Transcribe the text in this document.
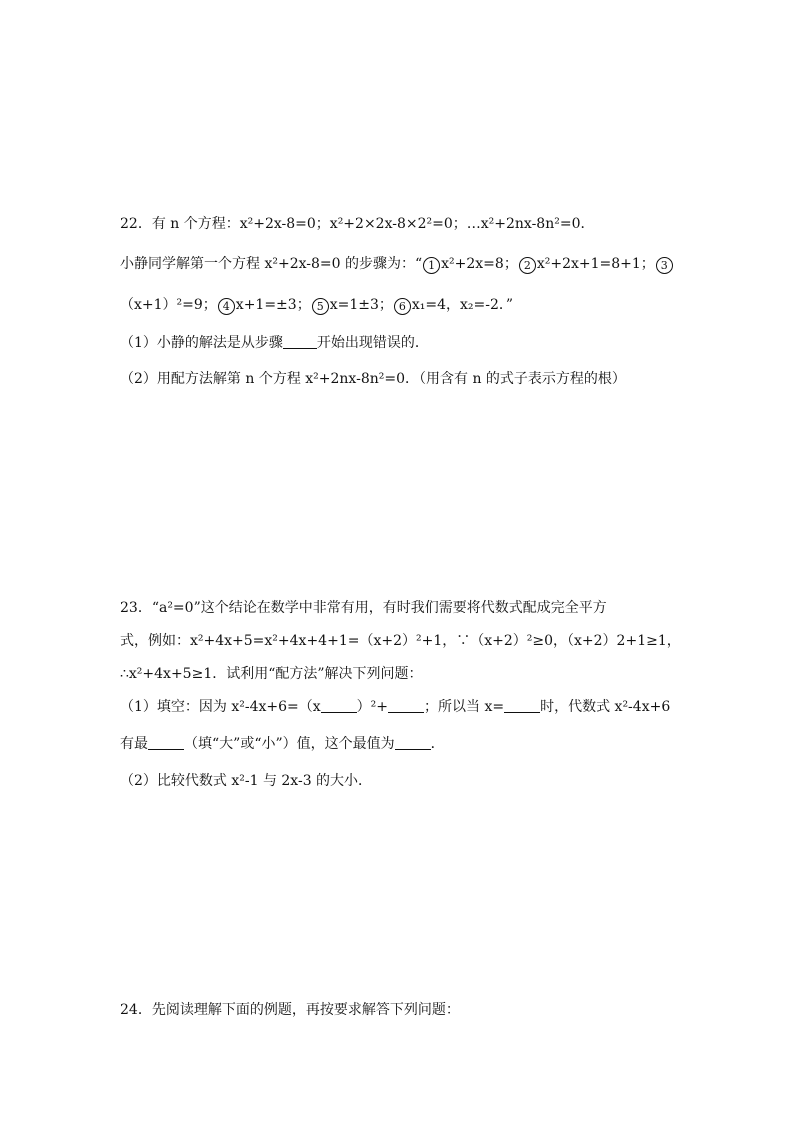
22．有 n 个方程：x²+2x-8=0；x²+2×2x-8×2²=0；…x²+2nx-8n²=0．
小静同学解第一个方程 x²+2x-8=0 的步骤为：“ 1 x²+2x=8； 2 x²+2x+1=8+1； 3
（x+1）²=9； 4 x+1=±3； 5 x=1±3； 6 x₁=4，x₂=-2．”
（1）小静的解法是从步骤 开始出现错误的．
（2）用配方法解第 n 个方程 x²+2nx-8n²=0．（用含有 n 的式子表示方程的根）
23．“a²=0”这个结论在数学中非常有用，有时我们需要将代数式配成完全平方
式，例如：x²+4x+5=x²+4x+4+1=（x+2）²+1，∵（x+2）²≥0，（x+2）2+1≥1，
∴x²+4x+5≥1．试利用“配方法”解决下列问题：
（1）填空：因为 x²-4x+6=（x	）²+	；所以当 x=	时，代数式 x²-4x+6
有最	（填“大”或“小”）值，这个最值为	．
（2）比较代数式 x²-1 与 2x-3 的大小．
24．先阅读理解下面的例题，再按要求解答下列问题：
